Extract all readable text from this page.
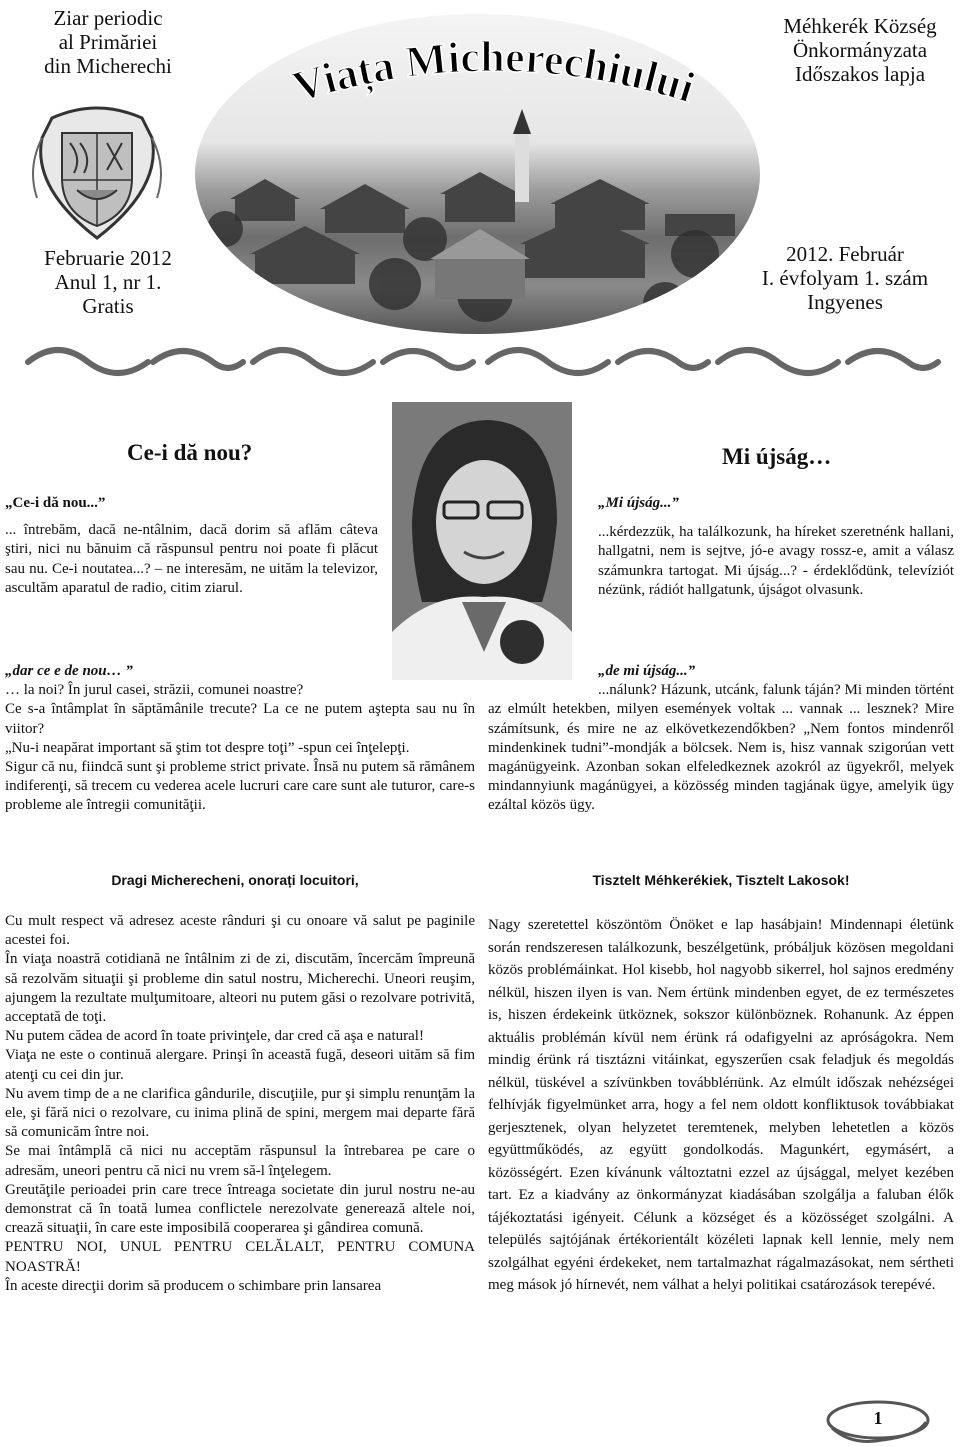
Ziar periodic
al Primăriei
din Micherechi
Méhkerék Község
Önkormányzata
Időszakos lapja
Viața Micherechiului
Februarie 2012
Anul 1, nr 1.
Gratis
2012. Február
I. évfolyam 1. szám
Ingyenes
Ce-i dă nou?

„Ce-i dă nou...”

... întrebăm, dacă ne-ntâlnim, dacă dorim să aflăm câteva ştiri, nici nu bănuim că răspunsul pentru noi poate fi plăcut sau nu. Ce-i noutatea...? – ne interesăm, ne uităm la televizor, ascultăm aparatul de radio, citim ziarul.

„dar ce e de nou… ”

… la noi? În jurul casei, străzii, comunei noastre?

Ce s-a întâmplat în săptămânile trecute? La ce ne putem aştepta sau nu în viitor?

„Nu-i neapărat important să ştim tot despre toţi” -spun cei înţelepţi.

Sigur că nu, fiindcă sunt şi probleme strict private. Însă nu putem să rămânem indiferenţi, să trecem cu vederea acele lucruri care care sunt ale tuturor, care-s probleme ale întregii comunităţii.

Dragi Micherecheni, onorați locuitori,

Cu mult respect vă adresez aceste rânduri şi cu onoare vă salut pe paginile acestei foi.

În viaţa noastră cotidiană ne întâlnim zi de zi, discutăm, încercăm împreună să rezolvăm situaţii şi probleme din satul nostru, Micherechi. Uneori reuşim, ajungem la rezultate mulţumitoare, alteori nu putem găsi o rezolvare potrivită, acceptată de toţi.

Nu putem cădea de acord în toate privinţele, dar cred că aşa e natural!

Viaţa ne este o continuă alergare. Prinşi în această fugă, deseori uităm să fim atenţi cu cei din jur.

Nu avem timp de a ne clarifica gândurile, discuţiile, pur şi simplu renunţăm la ele, şi fără nici o rezolvare, cu inima plină de spini, mergem mai departe fără să comunicăm între noi.

Se mai întâmplă că nici nu acceptăm răspunsul la întrebarea pe care o adresăm, uneori pentru că nici nu vrem să-l înţelegem.

Greutăţile perioadei prin care trece întreaga societate din jurul nostru ne-au demonstrat că în toată lumea conflictele nerezolvate generează altele noi, crează situaţii, în care este imposibilă cooperarea şi gândirea comună.

PENTRU NOI, UNUL PENTRU CELĂLALT, PENTRU COMUNA NOASTRĂ!

În aceste direcţii dorim să producem o schimbare prin lansarea

Mi újság…

„Mi újság...”

...kérdezzük, ha találkozunk, ha híreket szeretnénk hallani, hallgatni, nem is sejtve, jó-e avagy rossz-e, amit a válasz számunkra tartogat. Mi újság...? - érdeklődünk, televíziót nézünk, rádiót hallgatunk, újságot olvasunk.

„de mi újság...”

...nálunk? Házunk, utcánk, falunk táján? Mi minden történt az elmúlt hetekben, milyen események voltak ... vannak ... lesznek? Mire számítsunk, és mire ne az elkövetkezendőkben? „Nem fontos mindenről mindenkinek tudni”-mondják a bölcsek. Nem is, hisz vannak szigorúan vett magánügyeink. Azonban sokan elfeledkeznek azokról az ügyekről, melyek mindannyiunk magánügyei, a közösség minden tagjának ügye, amelyik ügy ezáltal közös ügy.

Tisztelt Méhkerékiek, Tisztelt Lakosok!

Nagy szeretettel köszöntöm Önöket e lap hasábjain! Mindennapi életünk során rendszeresen találkozunk, beszélgetünk, próbáljuk közösen megoldani közös problémáinkat. Hol kisebb, hol nagyobb sikerrel, hol sajnos eredmény nélkül, hiszen ilyen is van. Nem értünk mindenben egyet, de ez természetes is, hiszen érdekeink ütköznek, sokszor különböznek. Rohanunk. Az éppen aktuális problémán kívül nem érünk rá odafigyelni az apróságokra. Nem mindig érünk rá tisztázni vitáinkat, egyszerűen csak feladjuk és megoldás nélkül, tüskével a szívünkben továbbléпünk. Az elmúlt időszak nehézségei felhívják figyelmünket arra, hogy a fel nem oldott konfliktusok továbbiakat gerjesztenek, olyan helyzetet teremtenek, melyben lehetetlen a közös együttműködés, az együtt gondolkodás. Magunkért, egymásért, a közösségért. Ezen kívánunk változtatni ezzel az újsággal, melyet kezében tart. Ez a kiadvány az önkormányzat kiadásában szolgálja a faluban élők tájékoztatási igényeit. Célunk a községet és a közösséget szolgálni. A település sajtójának értékorientált közéleti lapnak kell lennie, mely nem szolgálhat egyéni érdekeket, nem tartalmazhat rágalmazásokat, nem sértheti meg mások jó hírnevét, nem válhat a helyi politikai csatározások terepévé.

1
